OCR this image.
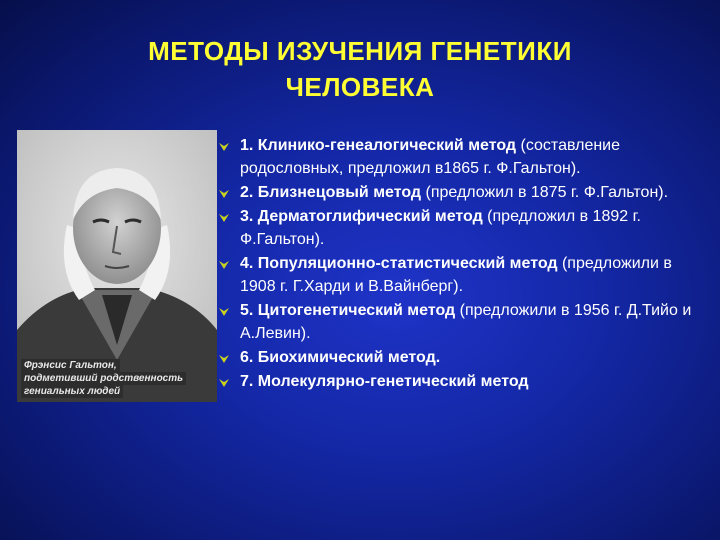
МЕТОДЫ ИЗУЧЕНИЯ ГЕНЕТИКИ
ЧЕЛОВЕКА
Фрэнсис Гальтон,
подметивший родственность
гениальных людей
1. Клинико-генеалогический метод (составление родословных, предложил в1865 г. Ф.Гальтон).
2. Близнецовый метод (предложил в 1875 г. Ф.Гальтон).
3. Дерматоглифический метод (предложил в 1892 г. Ф.Гальтон).
4. Популяционно-статистический метод (предложили в 1908 г. Г.Харди и В.Вайнберг).
5. Цитогенетический метод (предложили в 1956 г. Д.Тийо и А.Левин).
6. Биохимический метод.
7. Молекулярно-генетический метод
